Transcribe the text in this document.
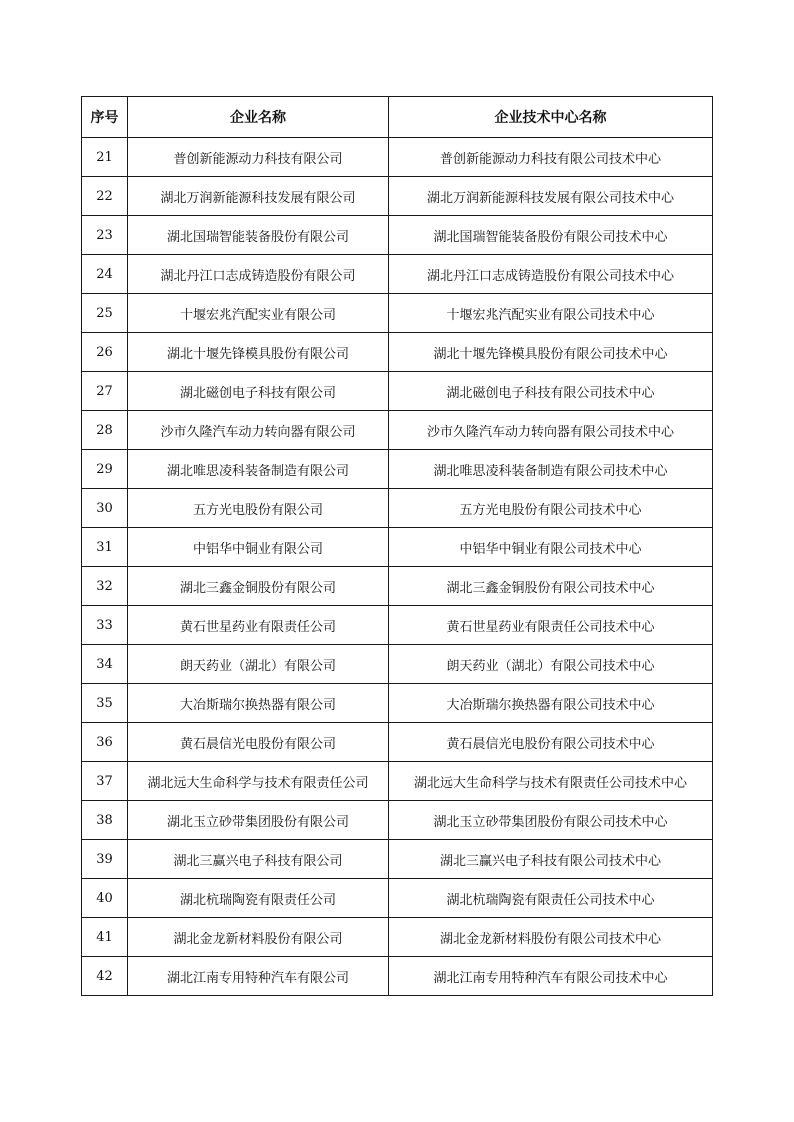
序号	企业名称	企业技术中心名称
21	普创新能源动力科技有限公司	普创新能源动力科技有限公司技术中心
22	湖北万润新能源科技发展有限公司	湖北万润新能源科技发展有限公司技术中心
23	湖北国瑞智能装备股份有限公司	湖北国瑞智能装备股份有限公司技术中心
24	湖北丹江口志成铸造股份有限公司	湖北丹江口志成铸造股份有限公司技术中心
25	十堰宏兆汽配实业有限公司	十堰宏兆汽配实业有限公司技术中心
26	湖北十堰先锋模具股份有限公司	湖北十堰先锋模具股份有限公司技术中心
27	湖北磁创电子科技有限公司	湖北磁创电子科技有限公司技术中心
28	沙市久隆汽车动力转向器有限公司	沙市久隆汽车动力转向器有限公司技术中心
29	湖北唯思凌科装备制造有限公司	湖北唯思凌科装备制造有限公司技术中心
30	五方光电股份有限公司	五方光电股份有限公司技术中心
31	中铝华中铜业有限公司	中铝华中铜业有限公司技术中心
32	湖北三鑫金铜股份有限公司	湖北三鑫金铜股份有限公司技术中心
33	黄石世星药业有限责任公司	黄石世星药业有限责任公司技术中心
34	朗天药业（湖北）有限公司	朗天药业（湖北）有限公司技术中心
35	大冶斯瑞尔换热器有限公司	大冶斯瑞尔换热器有限公司技术中心
36	黄石晨信光电股份有限公司	黄石晨信光电股份有限公司技术中心
37	湖北远大生命科学与技术有限责任公司	湖北远大生命科学与技术有限责任公司技术中心
38	湖北玉立砂带集团股份有限公司	湖北玉立砂带集团股份有限公司技术中心
39	湖北三赢兴电子科技有限公司	湖北三赢兴电子科技有限公司技术中心
40	湖北杭瑞陶瓷有限责任公司	湖北杭瑞陶瓷有限责任公司技术中心
41	湖北金龙新材料股份有限公司	湖北金龙新材料股份有限公司技术中心
42	湖北江南专用特种汽车有限公司	湖北江南专用特种汽车有限公司技术中心
